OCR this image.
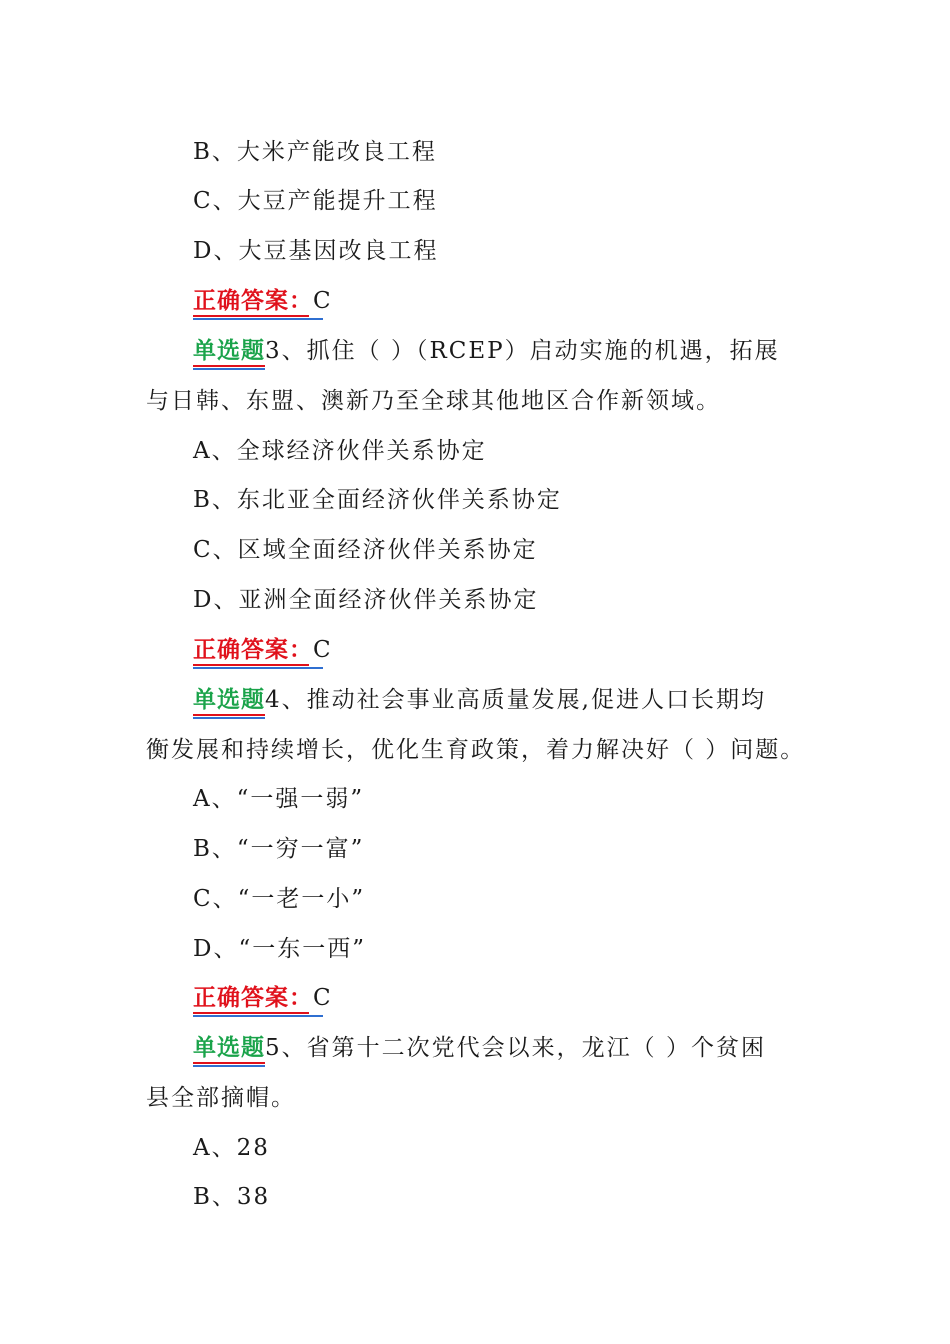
B、大米产能改良工程
C、大豆产能提升工程
D、大豆基因改良工程
正确答案：
C
单选题
3、抓住（ ）（RCEP）启动实施的机遇，拓展
与日韩、东盟、澳新乃至全球其他地区合作新领域。
A、全球经济伙伴关系协定
B、东北亚全面经济伙伴关系协定
C、区域全面经济伙伴关系协定
D、亚洲全面经济伙伴关系协定
正确答案：
C
单选题
4、推动社会事业高质量发展,促进人口长期均
衡发展和持续增长，优化生育政策，着力解决好（ ）问题。
A、“一强一弱”
B、“一穷一富”
C、“一老一小”
D、“一东一西”
正确答案：
C
单选题
5、省第十二次党代会以来，龙江（ ）个贫困
县全部摘帽。
A、28
B、38
